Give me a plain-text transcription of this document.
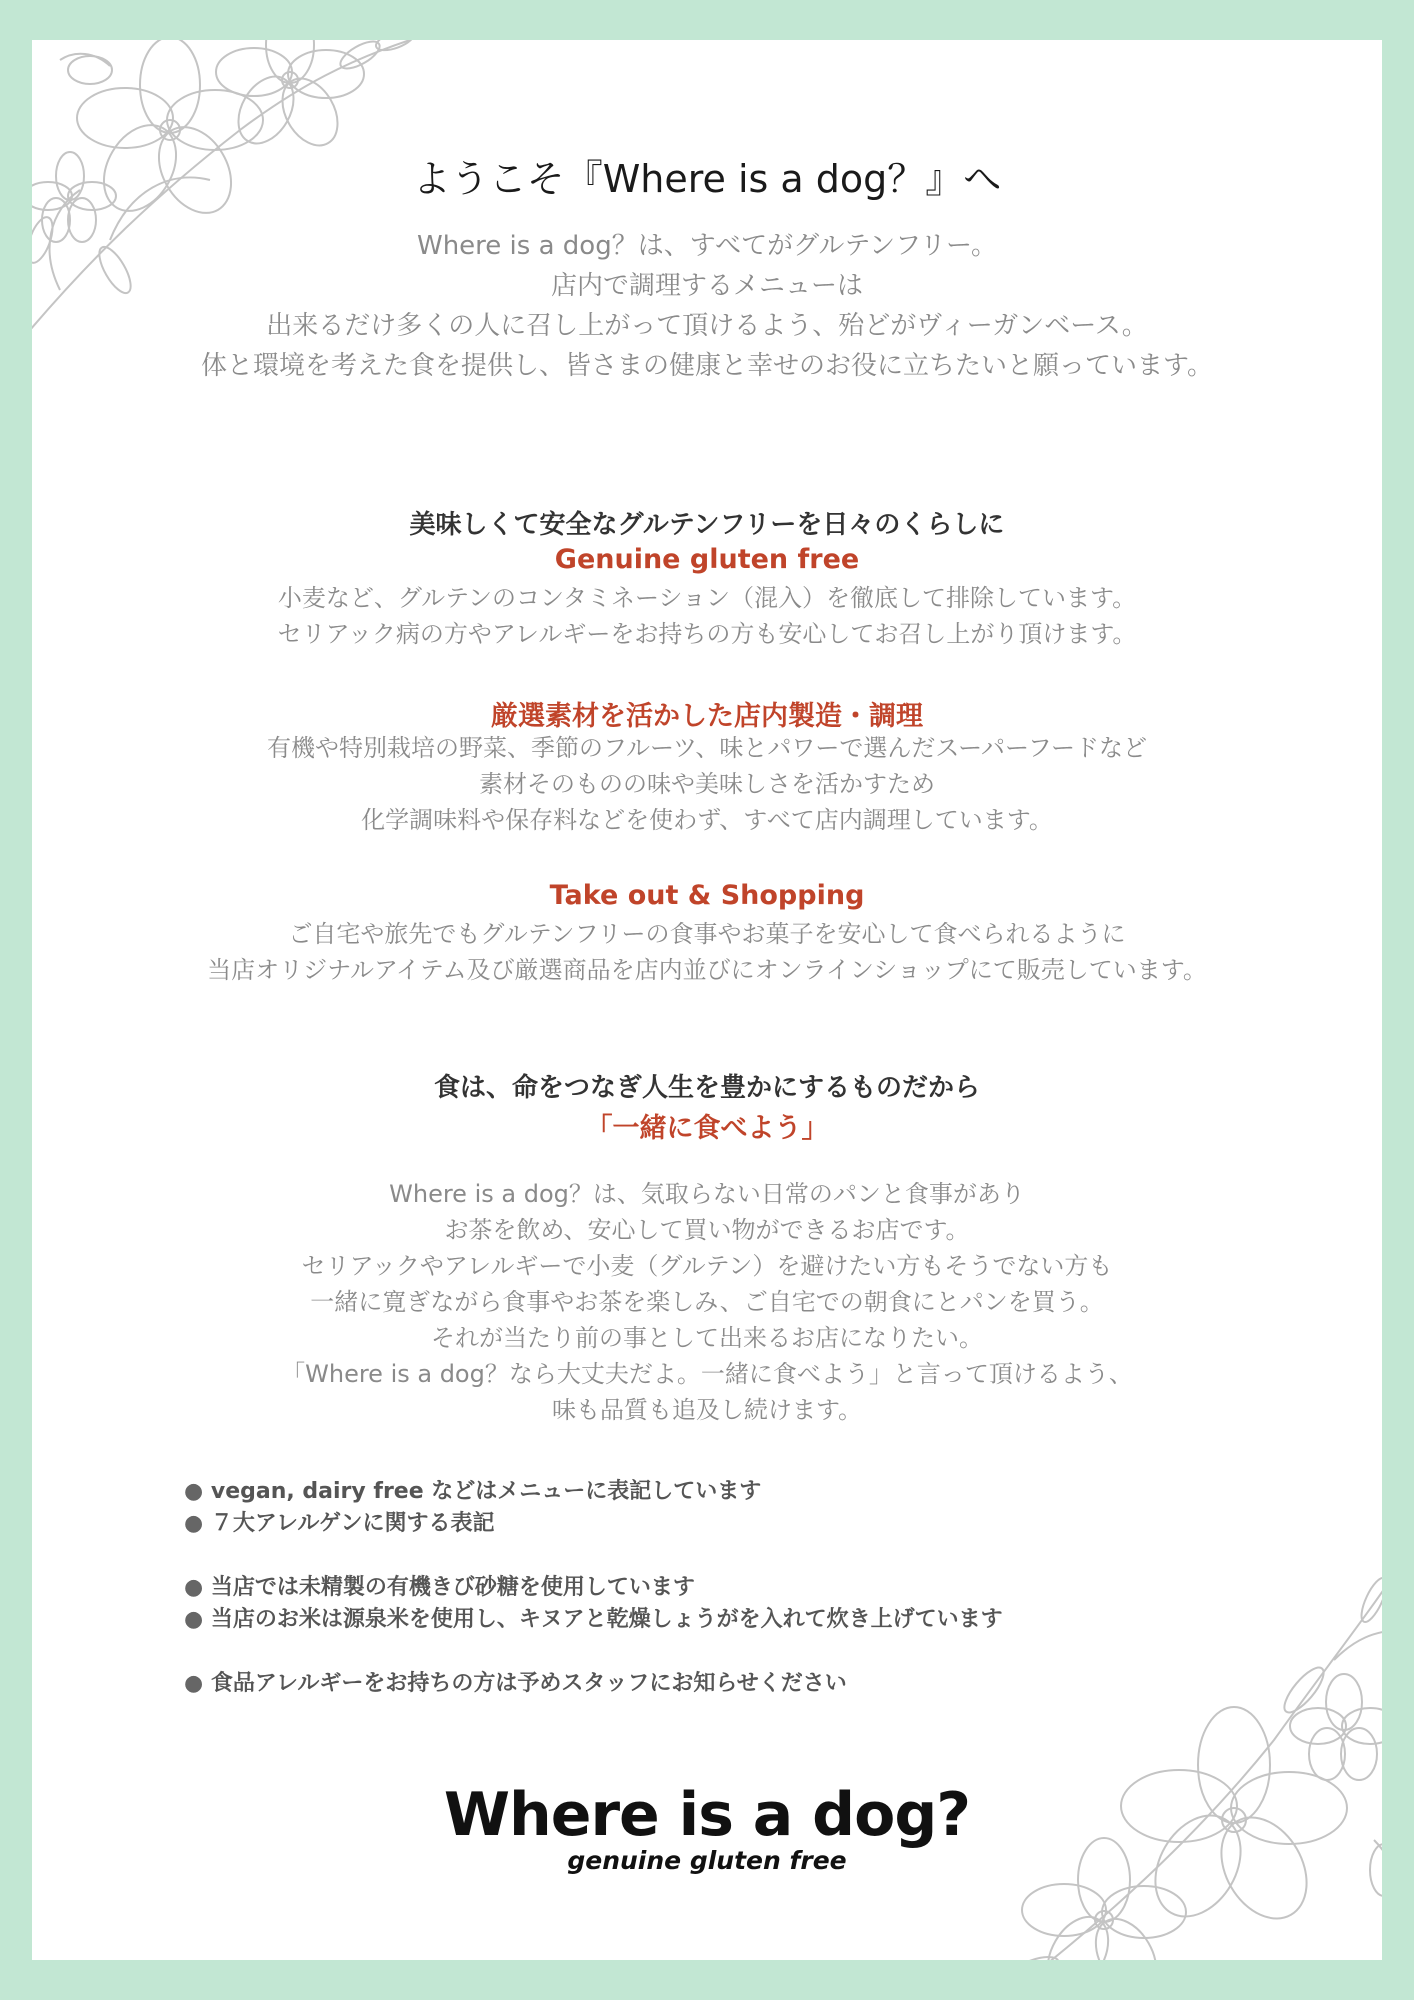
ようこそ『Where is a dog？』へ

Where is a dog？は、すべてがグルテンフリー。
店内で調理するメニューは
出来るだけ多くの人に召し上がって頂けるよう、殆どがヴィーガンベース。
体と環境を考えた食を提供し、皆さまの健康と幸せのお役に立ちたいと願っています。

美味しくて安全なグルテンフリーを日々のくらしに
Genuine gluten free

小麦など、グルテンのコンタミネーション（混入）を徹底して排除しています。
セリアック病の方やアレルギーをお持ちの方も安心してお召し上がり頂けます。

厳選素材を活かした店内製造・調理

有機や特別栽培の野菜、季節のフルーツ、味とパワーで選んだスーパーフードなど
素材そのものの味や美味しさを活かすため
化学調味料や保存料などを使わず、すべて店内調理しています。

Take out & Shopping

ご自宅や旅先でもグルテンフリーの食事やお菓子を安心して食べられるように
当店オリジナルアイテム及び厳選商品を店内並びにオンラインショップにて販売しています。

食は、命をつなぎ人生を豊かにするものだから
「一緒に食べよう」

Where is a dog？は、気取らない日常のパンと食事があり
お茶を飲め、安心して買い物ができるお店です。
セリアックやアレルギーで小麦（グルテン）を避けたい方もそうでない方も
一緒に寛ぎながら食事やお茶を楽しみ、ご自宅での朝食にとパンを買う。
それが当たり前の事として出来るお店になりたい。
「Where is a dog？なら大丈夫だよ。一緒に食べよう」と言って頂けるよう、
味も品質も追及し続けます。

● vegan, dairy free などはメニューに表記しています
● ７大アレルゲンに関する表記
● 当店では未精製の有機きび砂糖を使用しています
● 当店のお米は源泉米を使用し、キヌアと乾燥しょうがを入れて炊き上げています
● 食品アレルギーをお持ちの方は予めスタッフにお知らせください
Where is a dog?
genuine gluten free
